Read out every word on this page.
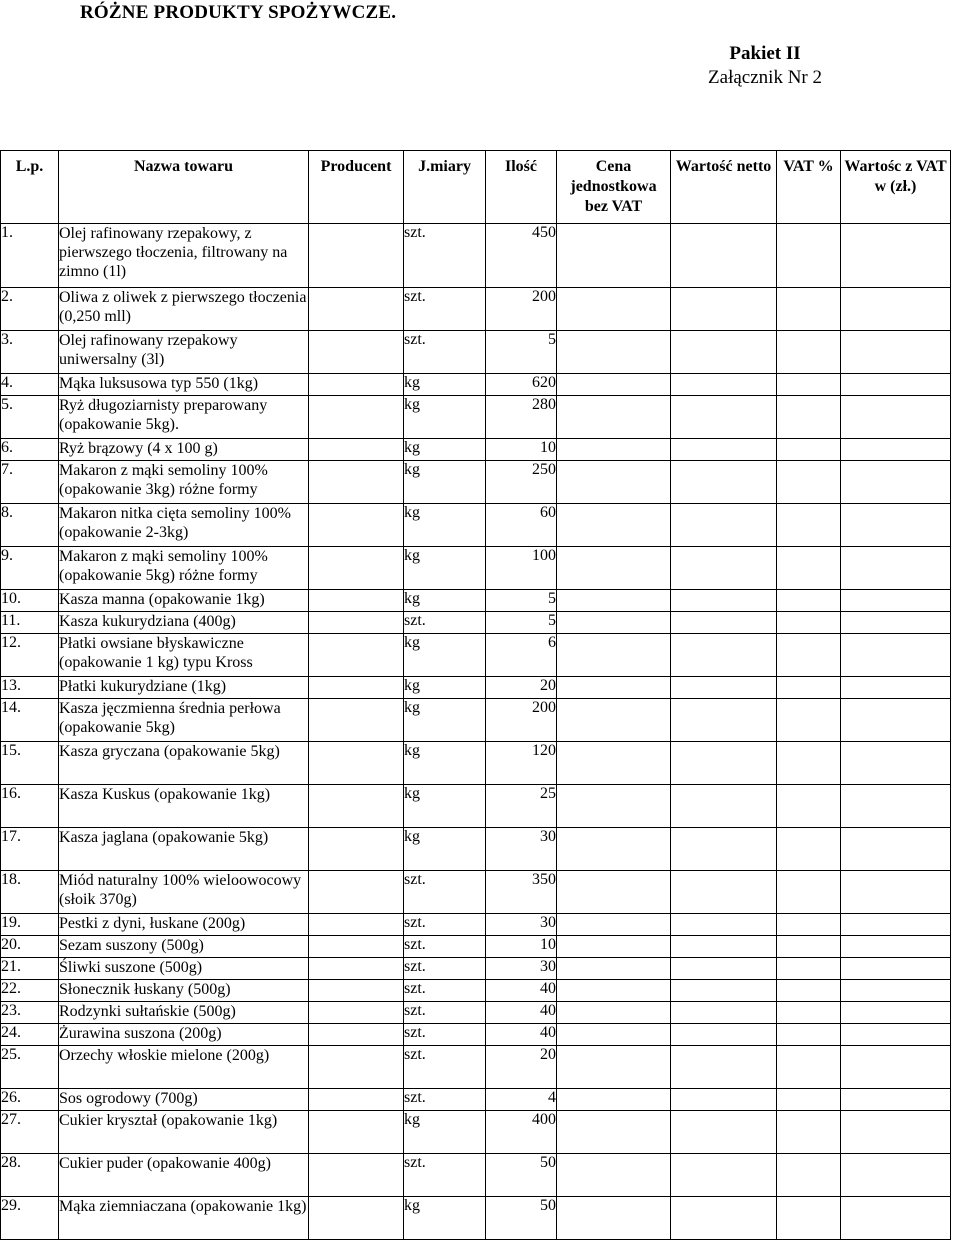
RÓŻNE PRODUKTY SPOŻYWCZE.
Pakiet II
Załącznik Nr 2
L.p.	Nazwa towaru	Producent	J.miary	Ilość	Cena jednostkowa bez VAT	Wartość netto	VAT %	Wartośc z VAT w (zł.)
1.	Olej rafinowany rzepakowy, z pierwszego tłoczenia, filtrowany na zimno (1l)		szt.	450				
2.	Oliwa z oliwek z pierwszego tłoczenia (0,250 mll)		szt.	200				
3.	Olej rafinowany rzepakowy uniwersalny (3l)		szt.	5				
4.	Mąka luksusowa typ 550 (1kg)		kg	620				
5.	Ryż długoziarnisty preparowany (opakowanie 5kg).		kg	280				
6.	Ryż brązowy (4 x 100 g)		kg	10				
7.	Makaron z mąki semoliny 100% (opakowanie 3kg) różne formy		kg	250				
8.	Makaron nitka cięta semoliny 100% (opakowanie 2-3kg)		kg	60				
9.	Makaron z mąki semoliny 100% (opakowanie 5kg) różne formy		kg	100				
10.	Kasza manna (opakowanie 1kg)		kg	5				
11.	Kasza kukurydziana (400g)		szt.	5				
12.	Płatki owsiane błyskawiczne (opakowanie 1 kg) typu Kross		kg	6				
13.	Płatki kukurydziane (1kg)		kg	20				
14.	Kasza jęczmienna średnia perłowa (opakowanie 5kg)		kg	200				
15.	Kasza gryczana (opakowanie 5kg)		kg	120				
16.	Kasza Kuskus (opakowanie 1kg)		kg	25				
17.	Kasza jaglana (opakowanie 5kg)		kg	30				
18.	Miód naturalny 100% wieloowocowy (słoik 370g)		szt.	350				
19.	Pestki z dyni, łuskane (200g)		szt.	30				
20.	Sezam suszony (500g)		szt.	10				
21.	Śliwki suszone (500g)		szt.	30				
22.	Słonecznik łuskany (500g)		szt.	40				
23.	Rodzynki sułtańskie (500g)		szt.	40				
24.	Żurawina suszona (200g)		szt.	40				
25.	Orzechy włoskie mielone (200g)		szt.	20				
26.	Sos ogrodowy (700g)		szt.	4				
27.	Cukier kryształ (opakowanie 1kg)		kg	400				
28.	Cukier puder (opakowanie 400g)		szt.	50				
29.	Mąka ziemniaczana (opakowanie 1kg)		kg	50				
